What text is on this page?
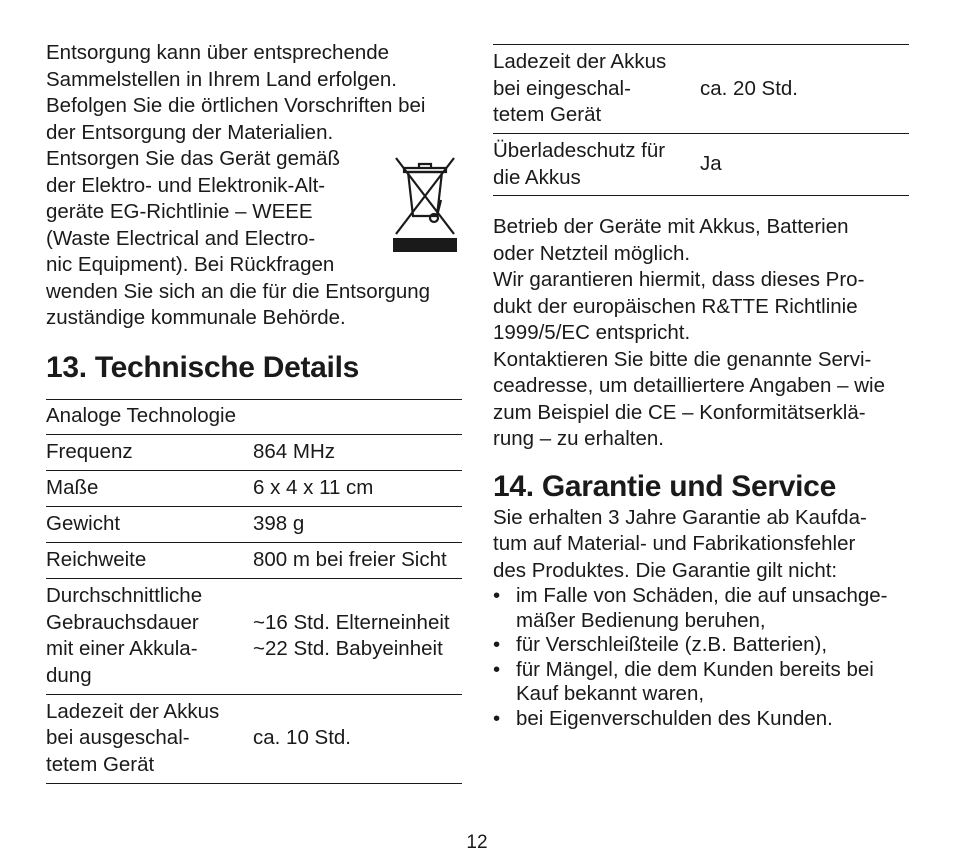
Entsorgung kann über entsprechende
Sammelstellen in Ihrem Land erfolgen.
Befolgen Sie die örtlichen Vorschriften bei
der Entsorgung der Materialien.
Entsorgen Sie das Gerät gemäß
der Elektro- und Elektronik-Alt-
geräte EG-Richtlinie – WEEE
(Waste Electrical and Electro-
nic Equipment). Bei Rückfragen
wenden Sie sich an die für die Entsorgung
zuständige kommunale Behörde.

13. Technische Details
Analoge Technologie	
Frequenz	864 MHz
Maße	6 x 4 x 11 cm
Gewicht	398 g
Reichweite	800 m bei freier Sicht
Durchschnittliche
Gebrauchsdauer
mit einer Akkula-
dung	~16 Std. Elterneinheit
~22 Std. Babyeinheit
Ladezeit der Akkus
bei ausgeschal-
tetem Gerät	ca. 10 Std.
Ladezeit der Akkus
bei eingeschal-
tetem Gerät	ca. 20 Std.
Überladeschutz für
die Akkus	Ja

Betrieb der Geräte mit Akkus, Batterien
oder Netzteil möglich.
Wir garantieren hiermit, dass dieses Pro-
dukt der europäischen R&TTE Richtlinie
1999/5/EC entspricht.
Kontaktieren Sie bitte die genannte Servi-
ceadresse, um detailliertere Angaben – wie
zum Beispiel die CE – Konformitätserklä-
rung – zu erhalten.

14. Garantie und Service

Sie erhalten 3 Jahre Garantie ab Kaufda-
tum auf Material- und Fabrikationsfehler
des Produktes. Die Garantie gilt nicht:

• im Falle von Schäden, die auf unsachge-
mäßer Bedienung beruhen,
• für Verschleißteile (z.B. Batterien),
• für Mängel, die dem Kunden bereits bei
Kauf bekannt waren,
• bei Eigenverschulden des Kunden.
12
